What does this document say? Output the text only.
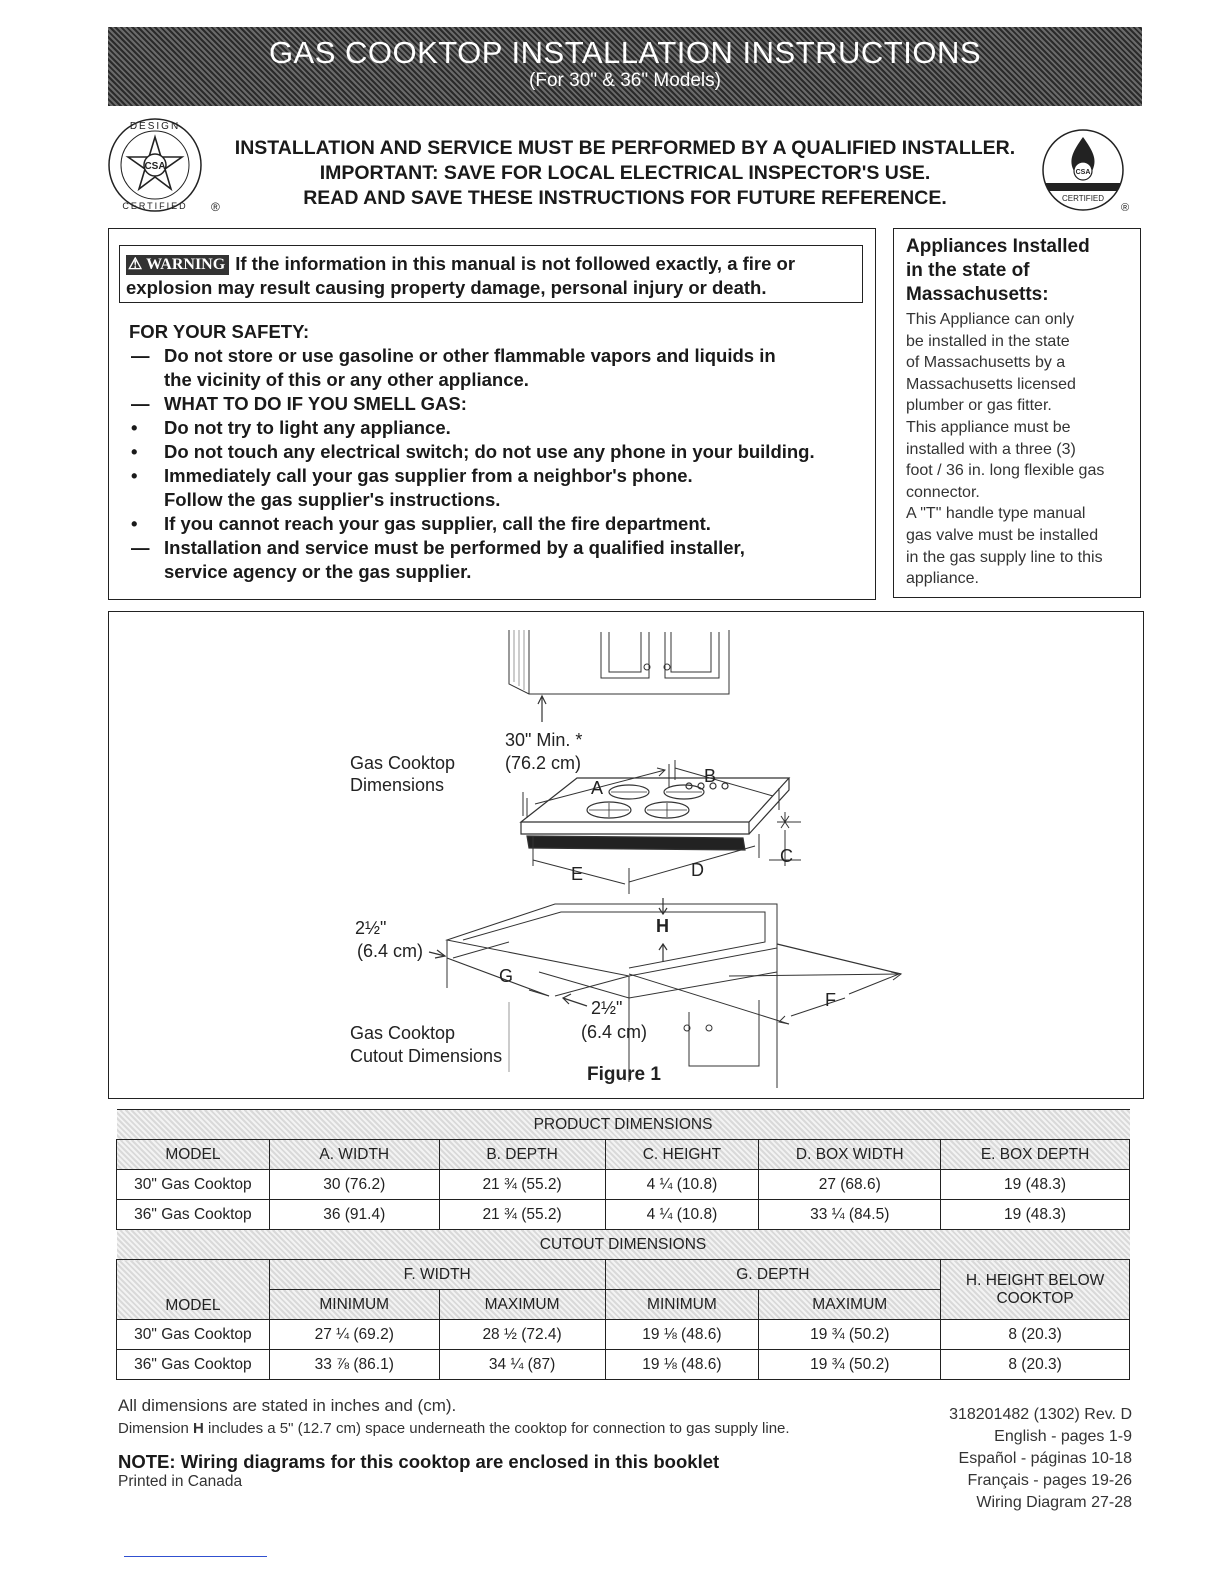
GAS COOKTOP INSTALLATION INSTRUCTIONS
(For 30" & 36" Models)
CSA
DESIGN
CERTIFIED ®
CSA
CERTIFIED
®
INSTALLATION AND SERVICE MUST BE PERFORMED BY A QUALIFIED INSTALLER.
IMPORTANT: SAVE FOR LOCAL ELECTRICAL INSPECTOR'S USE.
READ AND SAVE THESE INSTRUCTIONS FOR FUTURE REFERENCE.
⚠ WARNING If the information in this manual is not followed exactly, a fire or
explosion may result causing property damage, personal injury or death.
FOR YOUR SAFETY:
— Do not store or use gasoline or other flammable vapors and liquids in
the vicinity of this or any other appliance.
— WHAT TO DO IF YOU SMELL GAS:
• Do not try to light any appliance.
• Do not touch any electrical switch; do not use any phone in your building.
• Immediately call your gas supplier from a neighbor's phone.
Follow the gas supplier's instructions.
• If you cannot reach your gas supplier, call the fire department.
— Installation and service must be performed by a qualified installer,
service agency or the gas supplier.
Appliances Installed
in the state of
Massachusetts:

This Appliance can only
be installed in the state
of Massachusetts by a
Massachusetts licensed
plumber or gas fitter.
This appliance must be
installed with a three (3)
foot / 36 in. long flexible gas
connector.
A "T" handle type manual
gas valve must be installed
in the gas supply line to this
appliance.

30" Min. *
(76.2 cm)
Gas Cooktop
Dimensions	A
B
C
D
E
H
F
G
2½"
(6.4 cm)
2½"
(6.4 cm)
Gas Cooktop
Cutout Dimensions
Figure 1
PRODUCT DIMENSIONS					
MODEL	A. WIDTH	B. DEPTH	C. HEIGHT	D. BOX WIDTH	E. BOX DEPTH
30" Gas Cooktop	30 (76.2)	21 ¾ (55.2)	4 ¼ (10.8)	27 (68.6)	19 (48.3)
36" Gas Cooktop	36 (91.4)	21 ¾ (55.2)	4 ¼ (10.8)	33 ¼ (84.5)	19 (48.3)
CUTOUT DIMENSIONS					
MODEL	F. WIDTH		G. DEPTH		H. HEIGHT BELOW
COOKTOP
	MINIMUM	MAXIMUM	MINIMUM	MAXIMUM	
30" Gas Cooktop	27 ¼ (69.2)	28 ½ (72.4)	19 ⅛ (48.6)	19 ¾ (50.2)	8 (20.3)
36" Gas Cooktop	33 ⅞ (86.1)	34 ¼ (87)	19 ⅛ (48.6)	19 ¾ (50.2)	8 (20.3)
All dimensions are stated in inches and (cm).
Dimension H includes a 5" (12.7 cm) space underneath the cooktop for connection to gas supply line.
NOTE: Wiring diagrams for this cooktop are enclosed in this booklet
Printed in Canada
318201482 (1302) Rev. D
English - pages 1-9
Español - páginas 10-18
Français - pages 19-26
Wiring Diagram 27-28
